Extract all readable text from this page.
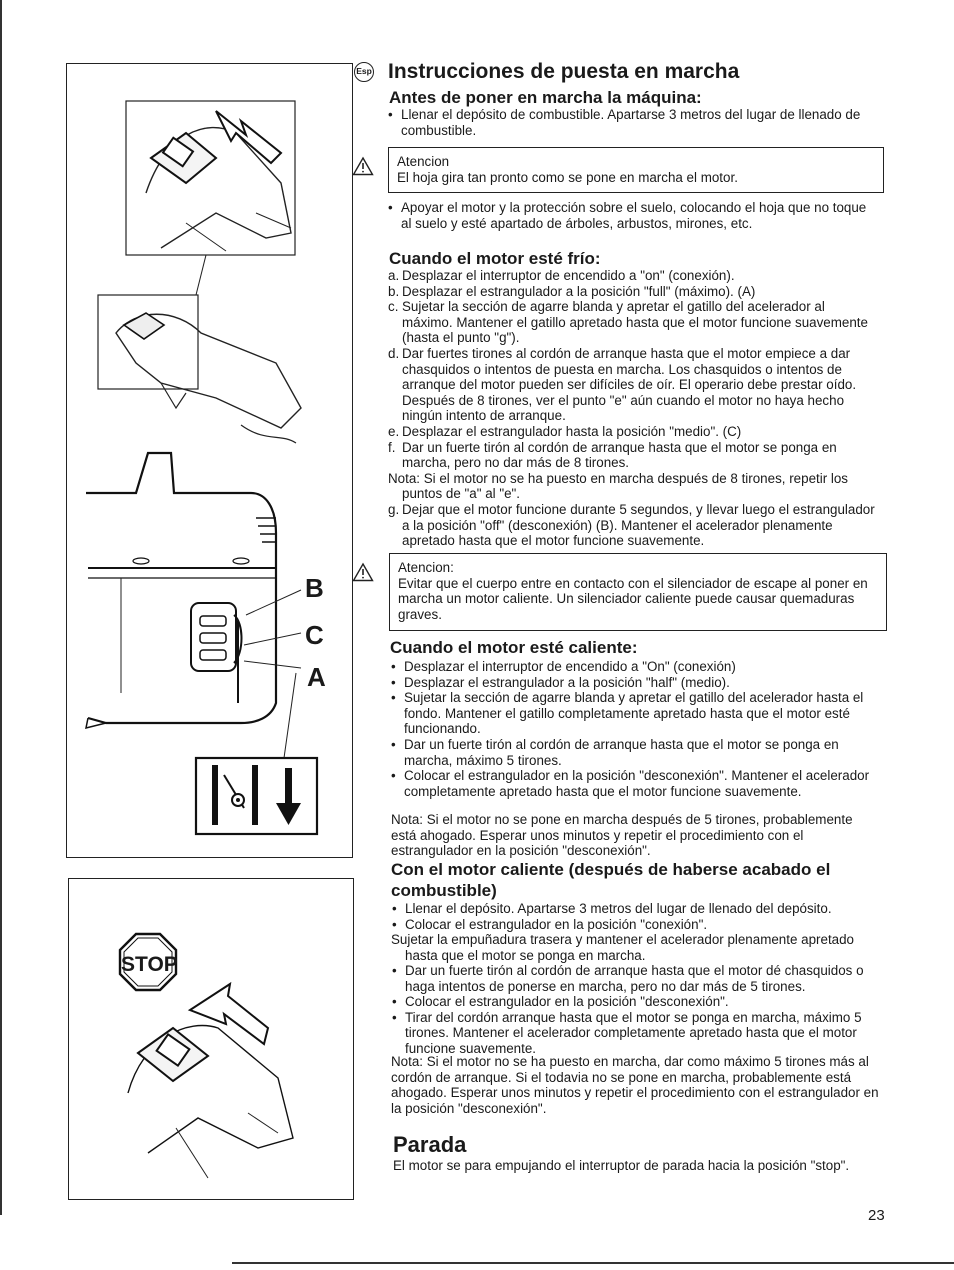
B
C
A
STOP
Esp Instrucciones de puesta en marcha
Antes de poner en marcha la máquina:
• Llenar el depósito de combustible. Apartarse 3 metros del lugar de llenado de combustible.
Atencion
El hoja gira tan pronto como se pone en marcha el motor.
• Apoyar el motor y la protección sobre el suelo, colocando el hoja que no toque al suelo y esté apartado de árboles, arbustos, mirones, etc.
Cuando el motor esté frío:
a. Desplazar el interruptor de encendido a "on" (conexión).
b. Desplazar el estrangulador a la posición "full" (máximo). (A)
c. Sujetar la sección de agarre blanda y apretar el gatillo del acelerador al máximo. Mantener el gatillo apretado hasta que el motor funcione suavemente (hasta el punto "g").
d. Dar fuertes tirones al cordón de arranque hasta que el motor empiece a dar chasquidos o intentos de puesta en marcha. Los chasquidos o intentos de arranque del motor pueden ser difíciles de oír. El operario debe prestar oído. Después de 8 tirones, ver el punto "e" aún cuando el motor no haya hecho ningún intento de arranque.
e. Desplazar el estrangulador hasta la posición "medio". (C)
f. Dar un fuerte tirón al cordón de arranque hasta que el motor se ponga en marcha, pero no dar más de 8 tirones.
Nota: Si el motor no se ha puesto en marcha después de 8 tirones, repetir los puntos de "a" al "e".
g. Dejar que el motor funcione durante 5 segundos, y llevar luego el estrangulador a la posición "off" (desconexión) (B). Mantener el acelerador plenamente apretado hasta que el motor funcione suavemente.
Atencion:
Evitar que el cuerpo entre en contacto con el silenciador de escape al poner en marcha un motor caliente. Un silenciador caliente puede causar quemaduras graves.
Cuando el motor esté caliente:
• Desplazar el interruptor de encendido a "On" (conexión)
• Desplazar el estrangulador a la posición "half" (medio).
• Sujetar la sección de agarre blanda y apretar el gatillo del acelerador hasta el fondo. Mantener el gatillo completamente apretado hasta que el motor esté funcionando.
• Dar un fuerte tirón al cordón de arranque hasta que el motor se ponga en marcha, máximo 5 tirones.
• Colocar el estrangulador en la posición "desconexión". Mantener el acelerador completamente apretado hasta que el motor funcione suavemente.
Nota: Si el motor no se pone en marcha después de 5 tirones, probablemente está ahogado. Esperar unos minutos y repetir el procedimiento con el estrangulador en la posición "desconexión".
Con el motor caliente (después de haberse acabado el combustible)
• Llenar el depósito. Apartarse 3 metros del lugar de llenado del depósito.
• Colocar el estrangulador en la posición "conexión".
Sujetar la empuñadura trasera y mantener el acelerador plenamente apretado hasta que el motor se ponga en marcha.
• Dar un fuerte tirón al cordón de arranque hasta que el motor dé chasquidos o haga intentos de ponerse en marcha, pero no dar más de 5 tirones.
• Colocar el estrangulador en la posición "desconexión".
• Tirar del cordón arranque hasta que el motor se ponga en marcha, máximo 5 tirones. Mantener el acelerador completamente apretado hasta que el motor funcione suavemente.
Nota: Si el motor no se ha puesto en marcha, dar como máximo 5 tirones más al cordón de arranque. Si el todavia no se pone en marcha, probablemente está ahogado. Esperar unos minutos y repetir el procedimiento con el estrangulador en la posición "desconexión".
Parada
El motor se para empujando el interruptor de parada hacia la posición "stop".
23
